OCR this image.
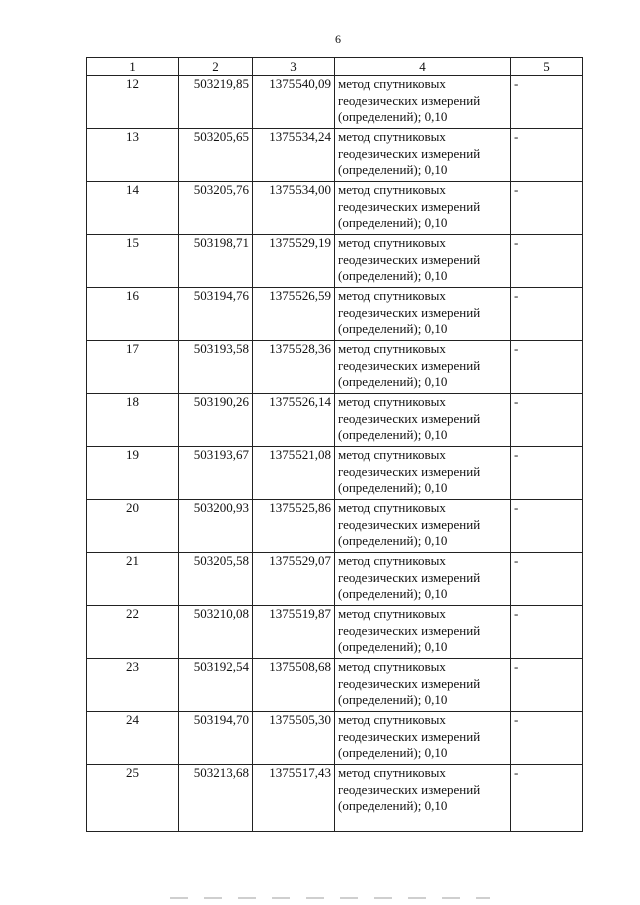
6
1	2	3	4	5
12	503219,85	1375540,09	метод спутниковых геодезических измерений (определений); 0,10	-
13	503205,65	1375534,24	метод спутниковых геодезических измерений (определений); 0,10	-
14	503205,76	1375534,00	метод спутниковых геодезических измерений (определений); 0,10	-
15	503198,71	1375529,19	метод спутниковых геодезических измерений (определений); 0,10	-
16	503194,76	1375526,59	метод спутниковых геодезических измерений (определений); 0,10	-
17	503193,58	1375528,36	метод спутниковых геодезических измерений (определений); 0,10	-
18	503190,26	1375526,14	метод спутниковых геодезических измерений (определений); 0,10	-
19	503193,67	1375521,08	метод спутниковых геодезических измерений (определений); 0,10	-
20	503200,93	1375525,86	метод спутниковых геодезических измерений (определений); 0,10	-
21	503205,58	1375529,07	метод спутниковых геодезических измерений (определений); 0,10	-
22	503210,08	1375519,87	метод спутниковых геодезических измерений (определений); 0,10	-
23	503192,54	1375508,68	метод спутниковых геодезических измерений (определений); 0,10	-
24	503194,70	1375505,30	метод спутниковых геодезических измерений (определений); 0,10	-
25	503213,68	1375517,43	метод спутниковых геодезических измерений (определений); 0,10	-
